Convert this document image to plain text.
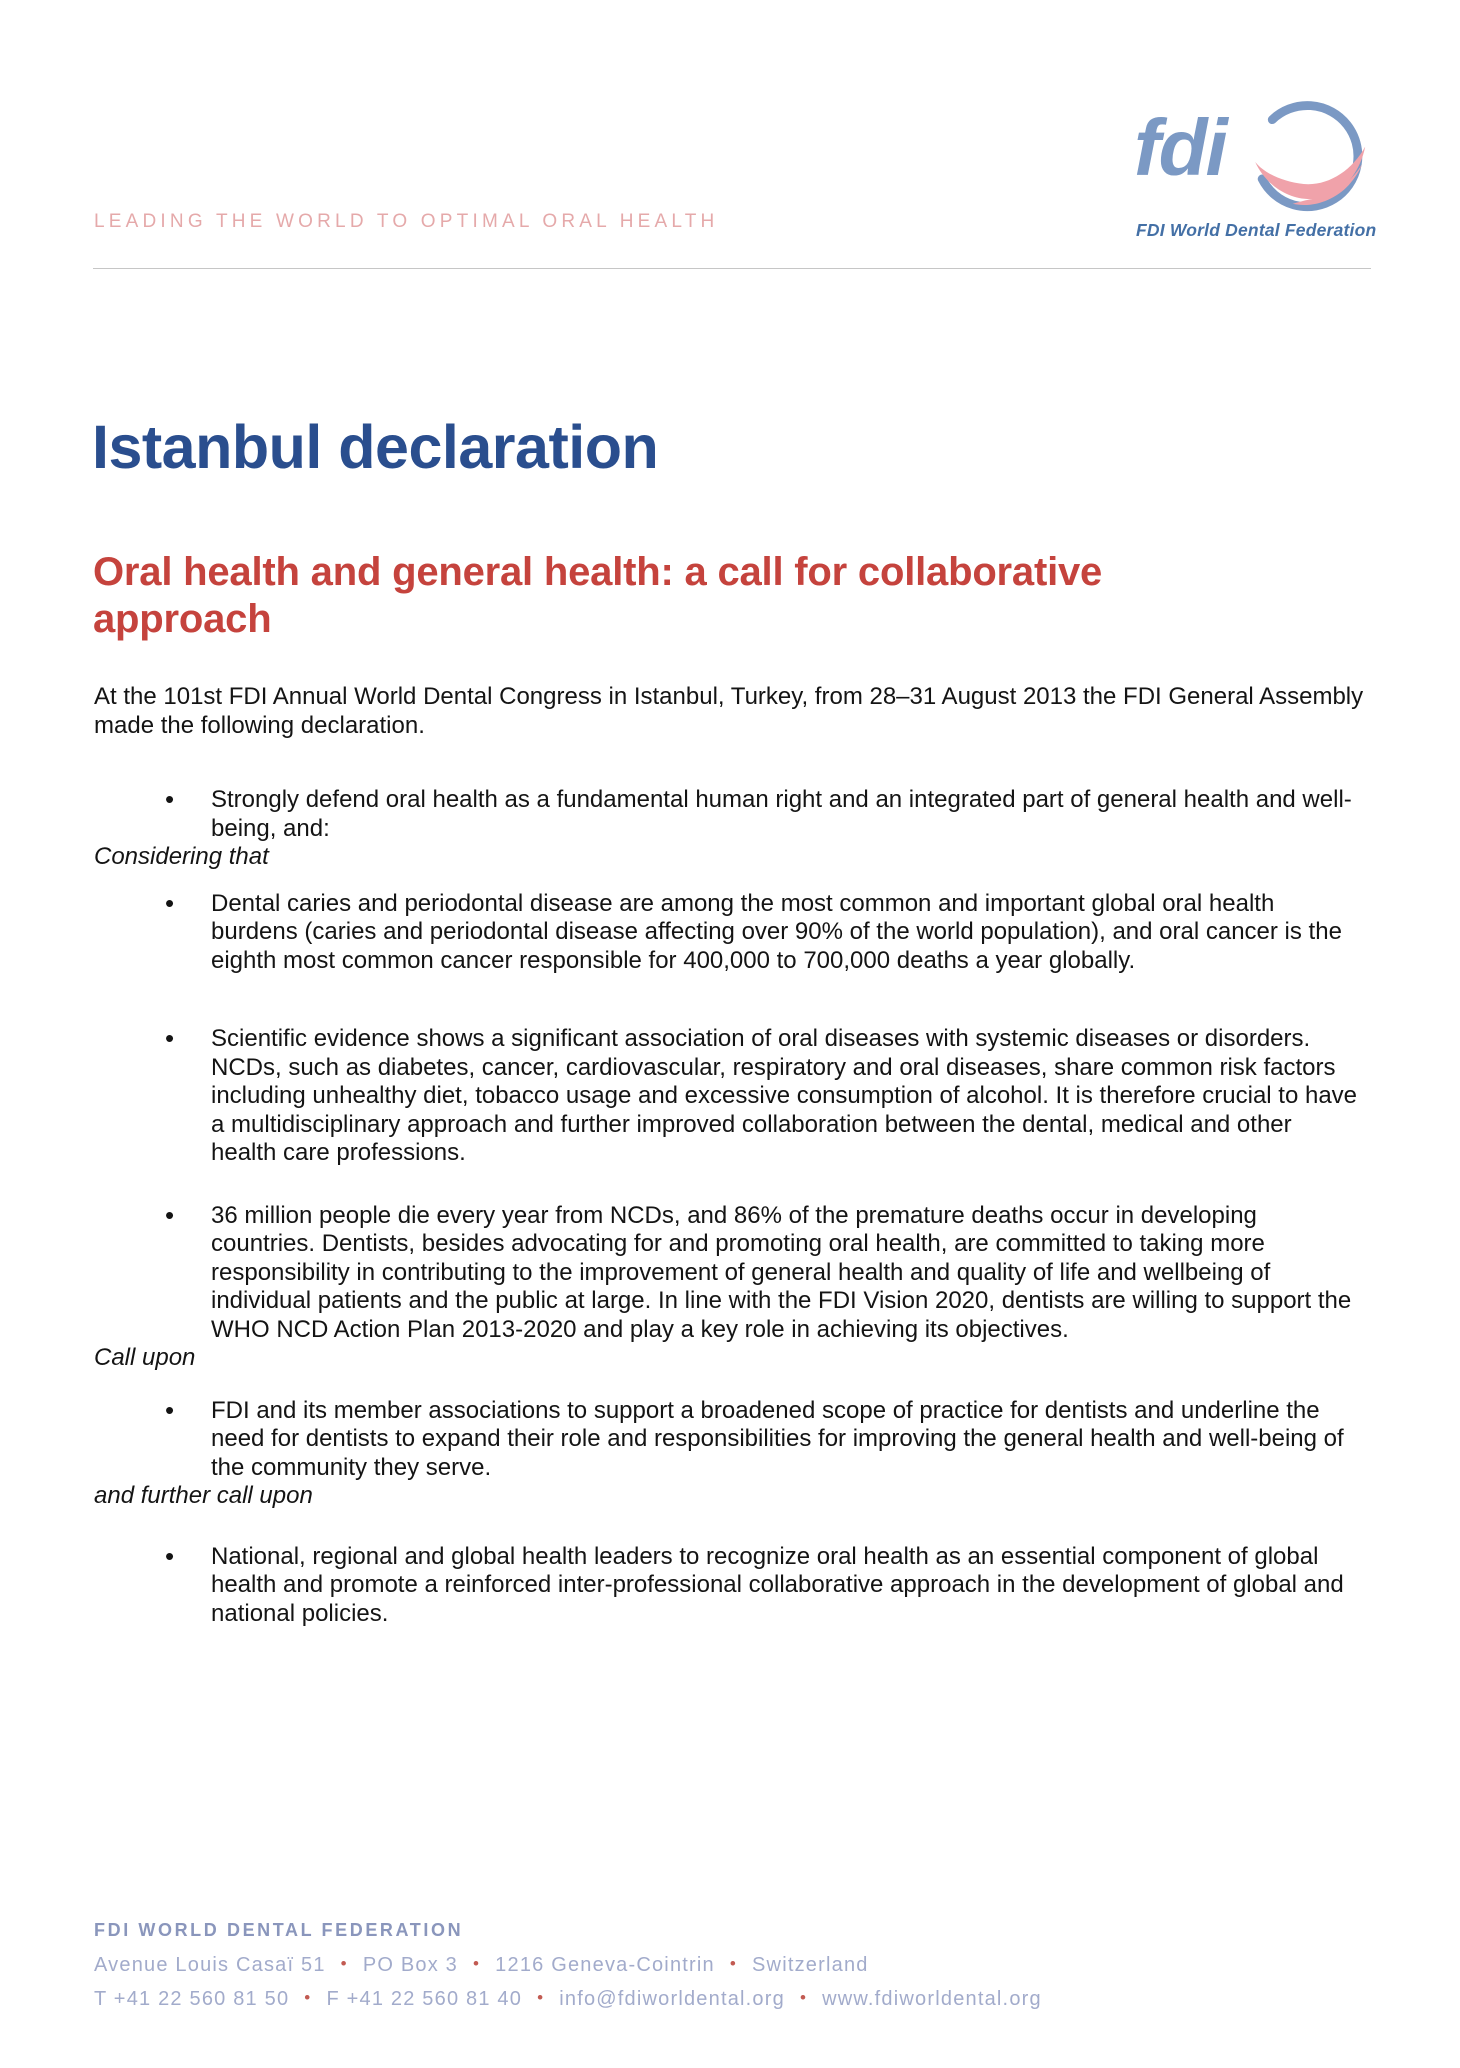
LEADING THE WORLD TO OPTIMAL ORAL HEALTH
fdi
FDI World Dental Federation
Istanbul declaration
Oral health and general health: a call for collaborative approach

At the 101st FDI Annual World Dental Congress in Istanbul, Turkey, from 28–31 August 2013 the FDI General Assembly made the following declaration.

• Strongly defend oral health as a fundamental human right and an integrated part of general health and well-being, and:

Considering that

• Dental caries and periodontal disease are among the most common and important global oral health burdens (caries and periodontal disease affecting over 90% of the world population), and oral cancer is the eighth most common cancer responsible for 400,000 to 700,000 deaths a year globally.
• Scientific evidence shows a significant association of oral diseases with systemic diseases or disorders. NCDs, such as diabetes, cancer, cardiovascular, respiratory and oral diseases, share common risk factors including unhealthy diet, tobacco usage and excessive consumption of alcohol. It is therefore crucial to have a multidisciplinary approach and further improved collaboration between the dental, medical and other health care professions.
• 36 million people die every year from NCDs, and 86% of the premature deaths occur in developing countries. Dentists, besides advocating for and promoting oral health, are committed to taking more responsibility in contributing to the improvement of general health and quality of life and wellbeing of individual patients and the public at large. In line with the FDI Vision 2020, dentists are willing to support the WHO NCD Action Plan 2013-2020 and play a key role in achieving its objectives.

Call upon

• FDI and its member associations to support a broadened scope of practice for dentists and underline the need for dentists to expand their role and responsibilities for improving the general health and well-being of the community they serve.

and further call upon

• National, regional and global health leaders to recognize oral health as an essential component of global health and promote a reinforced inter-professional collaborative approach in the development of global and national policies.

FDI WORLD DENTAL FEDERATION

Avenue Louis Casaï 51 • PO Box 3 • 1216 Geneva-Cointrin • Switzerland

T +41 22 560 81 50 • F +41 22 560 81 40 • info@fdiworldental.org • www.fdiworldental.org
